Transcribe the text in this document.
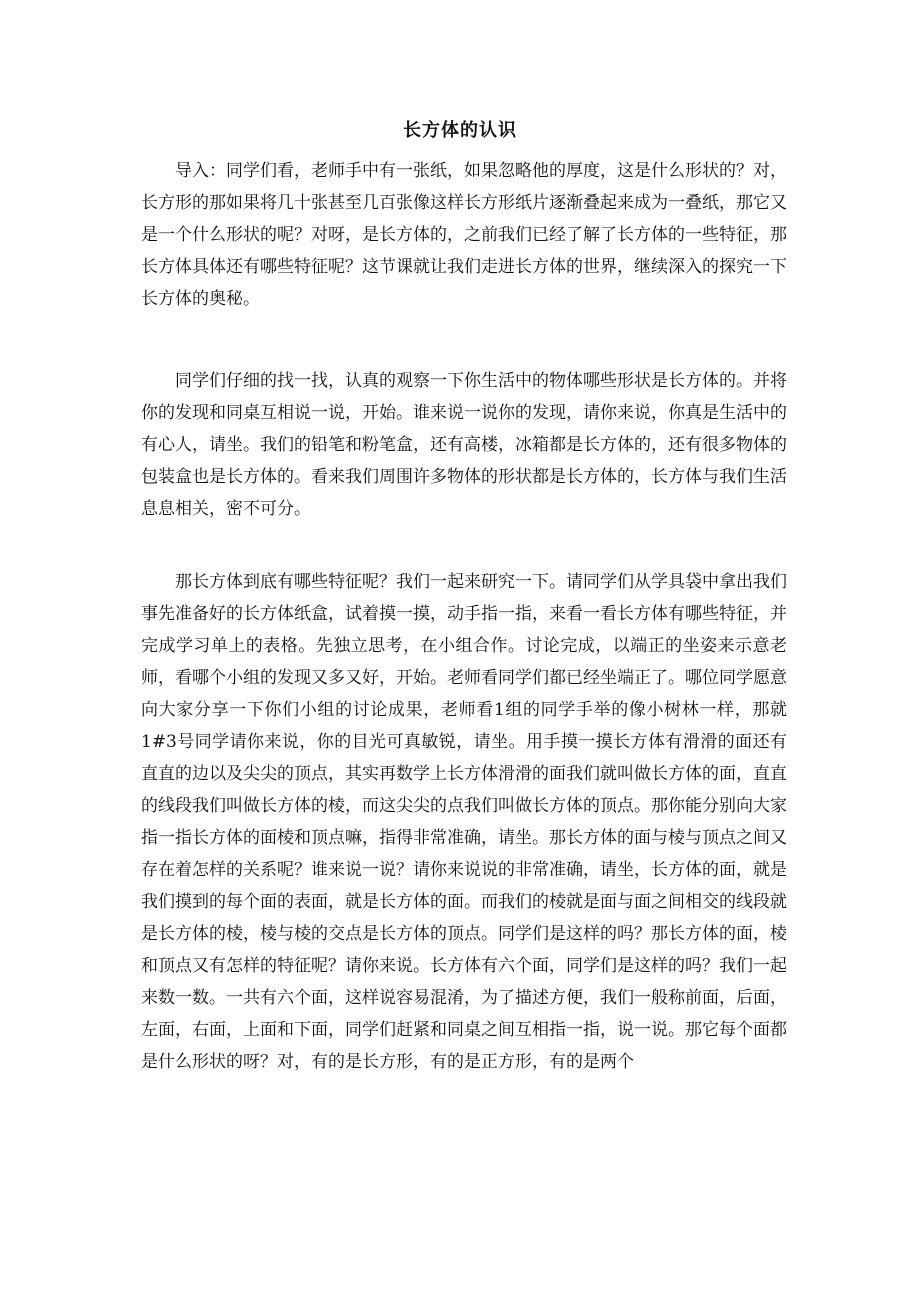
长方体的认识

导入：同学们看，老师手中有一张纸，如果忽略他的厚度，这是什么形状的？对，长方形的那如果将几十张甚至几百张像这样长方形纸片逐渐叠起来成为一叠纸，那它又是一个什么形状的呢？对呀，是长方体的，之前我们已经了解了长方体的一些特征，那长方体具体还有哪些特征呢？这节课就让我们走进长方体的世界，继续深入的探究一下长方体的奥秘。

同学们仔细的找一找，认真的观察一下你生活中的物体哪些形状是长方体的。并将你的发现和同桌互相说一说，开始。谁来说一说你的发现，请你来说，你真是生活中的有心人，请坐。我们的铅笔和粉笔盒，还有高楼，冰箱都是长方体的，还有很多物体的包装盒也是长方体的。看来我们周围许多物体的形状都是长方体的，长方体与我们生活息息相关，密不可分。

那长方体到底有哪些特征呢？我们一起来研究一下。请同学们从学具袋中拿出我们事先准备好的长方体纸盒，试着摸一摸，动手指一指，来看一看长方体有哪些特征，并完成学习单上的表格。先独立思考，在小组合作。讨论完成，以端正的坐姿来示意老师，看哪个小组的发现又多又好，开始。老师看同学们都已经坐端正了。哪位同学愿意向大家分享一下你们小组的讨论成果，老师看1组的同学手举的像小树林一样，那就1#3号同学请你来说，你的目光可真敏锐，请坐。用手摸一摸长方体有滑滑的面还有直直的边以及尖尖的顶点，其实再数学上长方体滑滑的面我们就叫做长方体的面，直直的线段我们叫做长方体的棱，而这尖尖的点我们叫做长方体的顶点。那你能分别向大家指一指长方体的面棱和顶点嘛，指得非常准确，请坐。那长方体的面与棱与顶点之间又存在着怎样的关系呢？谁来说一说？请你来说说的非常准确，请坐，长方体的面，就是我们摸到的每个面的表面，就是长方体的面。而我们的棱就是面与面之间相交的线段就是长方体的棱，棱与棱的交点是长方体的顶点。同学们是这样的吗？那长方体的面，棱和顶点又有怎样的特征呢？请你来说。长方体有六个面，同学们是这样的吗？我们一起来数一数。一共有六个面，这样说容易混淆，为了描述方便，我们一般称前面，后面，左面，右面，上面和下面，同学们赶紧和同桌之间互相指一指，说一说。那它每个面都是什么形状的呀？对，有的是长方形，有的是正方形，有的是两个
